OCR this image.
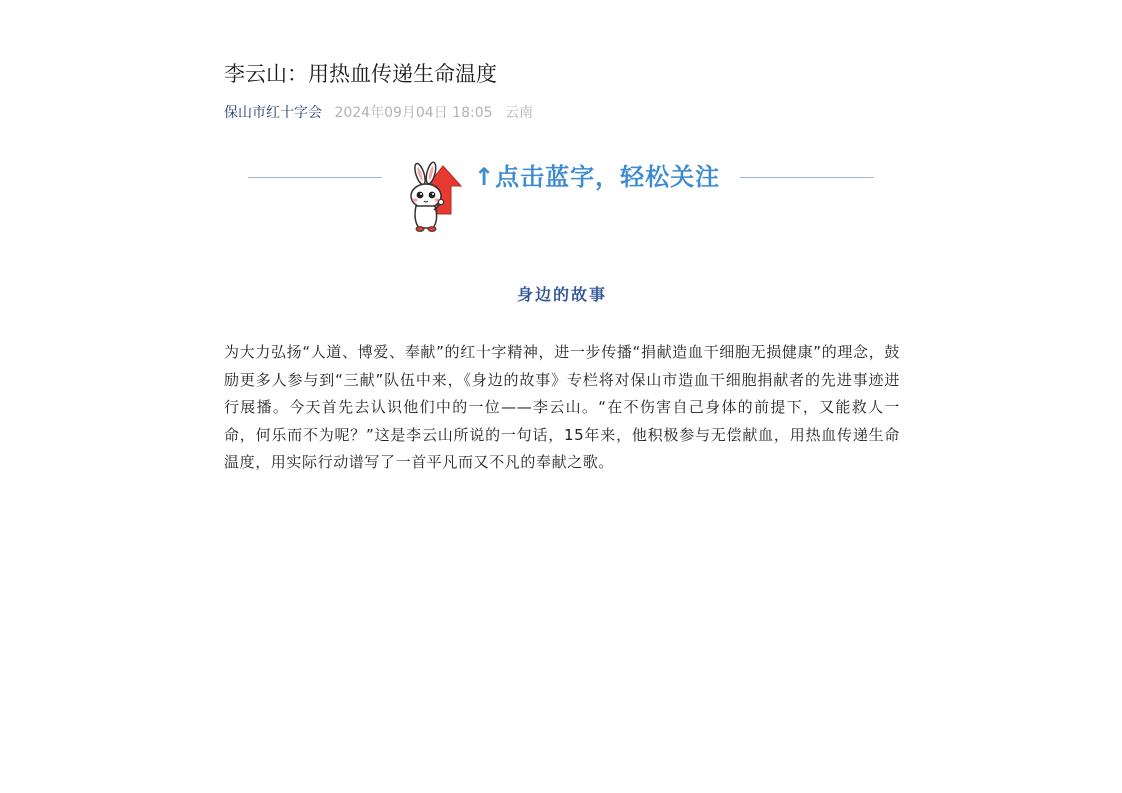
李云山：用热血传递生命温度
保山市红十字会 2024年09月04日 18:05 云南
↑点击蓝字，轻松关注
身边的故事

为大力弘扬“人道、博爱、奉献”的红十字精神，进一步传播“捐献造血干细胞无损健康”的理念，鼓励更多人参与到“三献”队伍中来，《身边的故事》专栏将对保山市造血干细胞捐献者的先进事迹进行展播。今天首先去认识他们中的一位——李云山。“在不伤害自己身体的前提下，又能救人一命，何乐而不为呢？”这是李云山所说的一句话，15年来，他积极参与无偿献血，用热血传递生命温度，用实际行动谱写了一首平凡而又不凡的奉献之歌。
